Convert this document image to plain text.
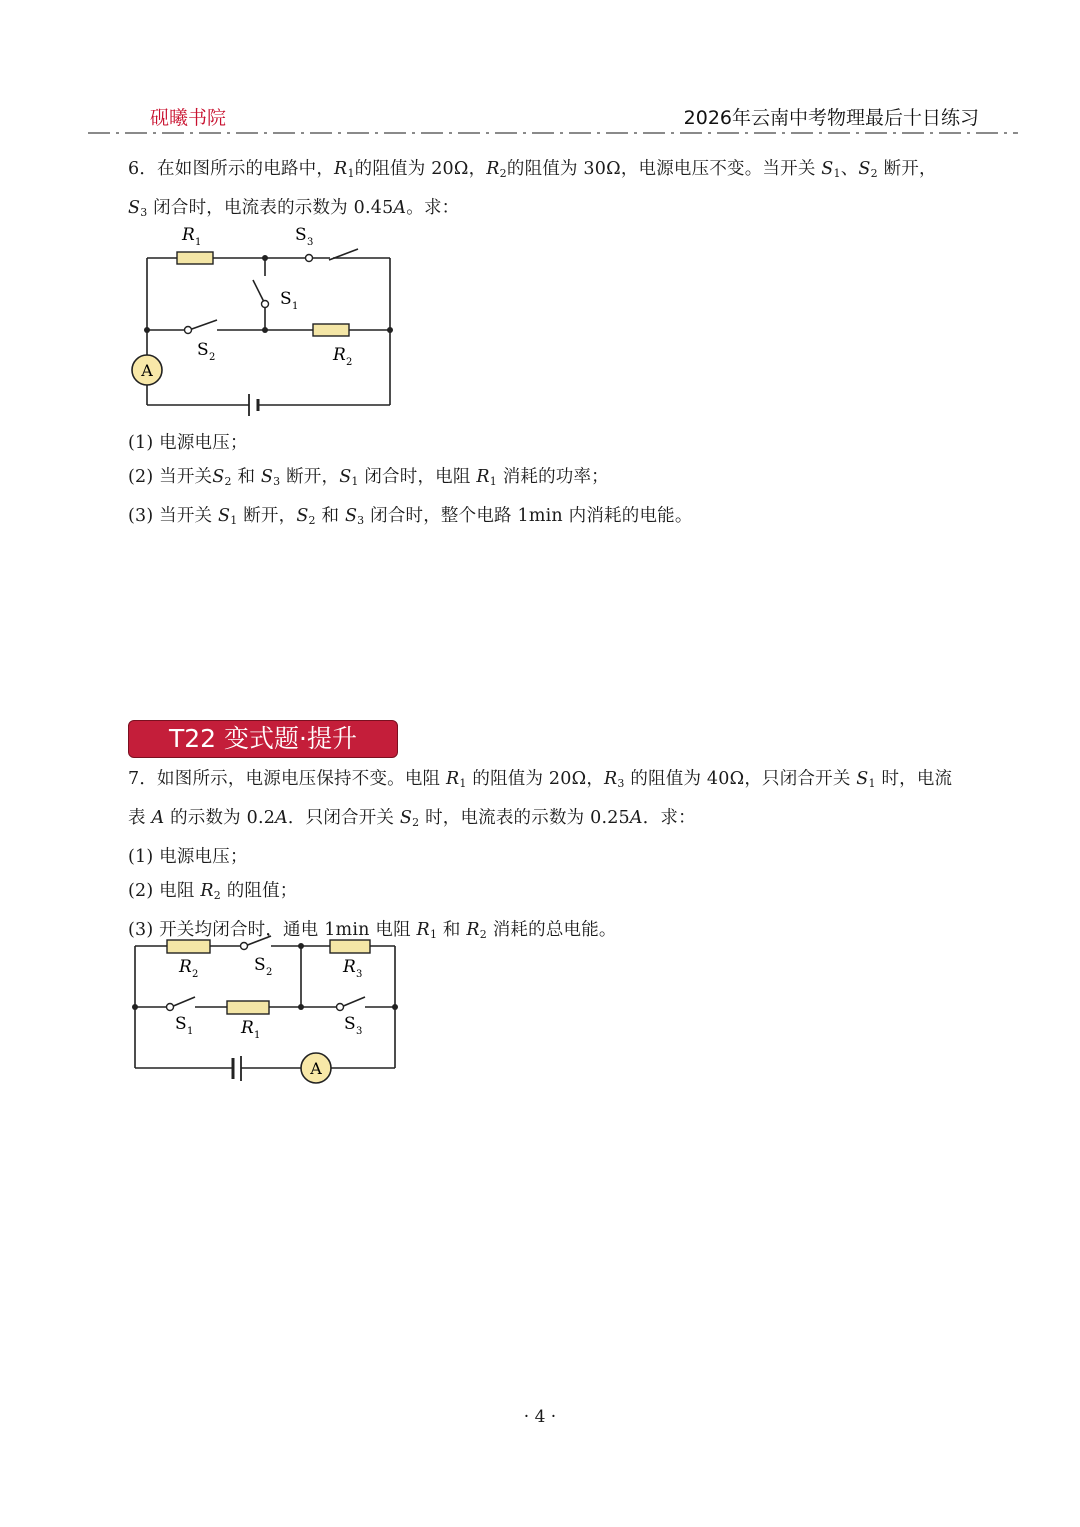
砚曦书院	2026年云南中考物理最后十日练习
6．在如图所示的电路中，$R_1$的阻值为 20Ω，$R_2$的阻值为 30Ω，电源电压不变。当开关 $S_1$、$S_2$ 断开，
$S_3$ 闭合时，电流表的示数为 0.45A。求：
A
R 1	S 3
S 1
S 2	R 2
(1) 电源电压；
(2) 当开关$S_2$ 和 $S_3$ 断开，$S_1$ 闭合时，电阻 $R_1$ 消耗的功率；
(3) 当开关 $S_1$ 断开，$S_2$ 和 $S_3$ 闭合时，整个电路 1min 内消耗的电能。
T22 变式题·提升
7．如图所示，电源电压保持不变。电阻 $R_1$ 的阻值为 20Ω，$R_3$ 的阻值为 40Ω，只闭合开关 $S_1$ 时，电流
表 A 的示数为 0.2A．只闭合开关 $S_2$ 时，电流表的示数为 0.25A．求：
(1) 电源电压；
(2) 电阻 $R_2$ 的阻值；
(3) 开关均闭合时，通电 1min 电阻 $R_1$ 和 $R_2$ 消耗的总电能。
A
R 2	S 2	R 3
S 1	R 1
S 3
· 4 ·
